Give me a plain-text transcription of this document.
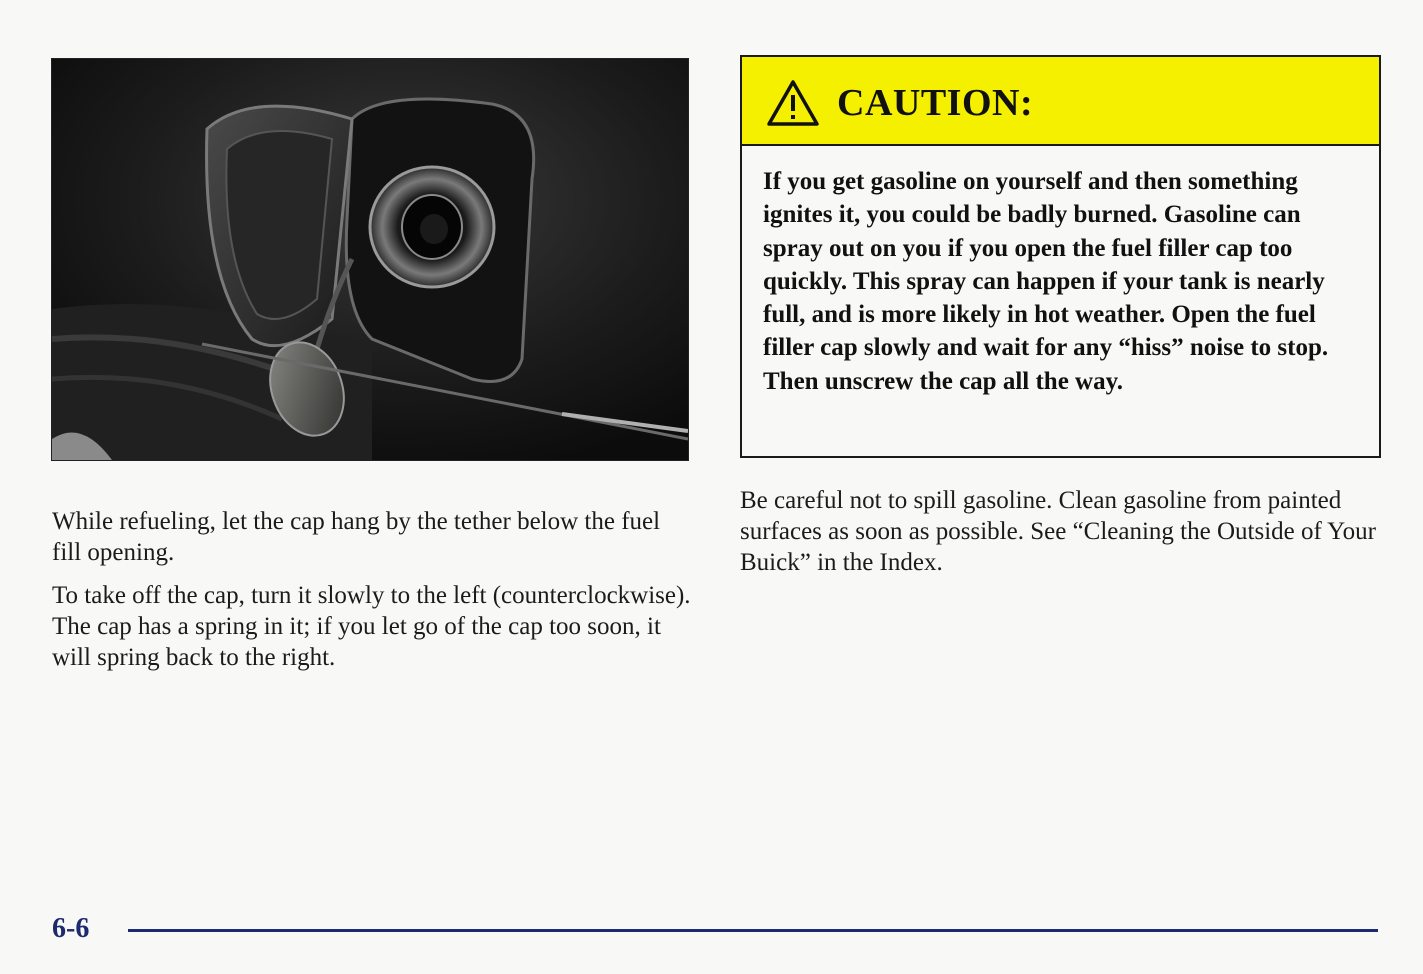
While refueling, let the cap hang by the tether below the fuel fill opening.

To take off the cap, turn it slowly to the left (counterclockwise). The cap has a spring in it; if you let go of the cap too soon, it will spring back to the right.

CAUTION:

If you get gasoline on yourself and then something ignites it, you could be badly burned. Gasoline can spray out on you if you open the fuel filler cap too quickly. This spray can happen if your tank is nearly full, and is more likely in hot weather. Open the fuel filler cap slowly and wait for any “hiss” noise to stop. Then unscrew the cap all the way.

Be careful not to spill gasoline. Clean gasoline from painted surfaces as soon as possible. See “Cleaning the Outside of Your Buick” in the Index.

6-6
